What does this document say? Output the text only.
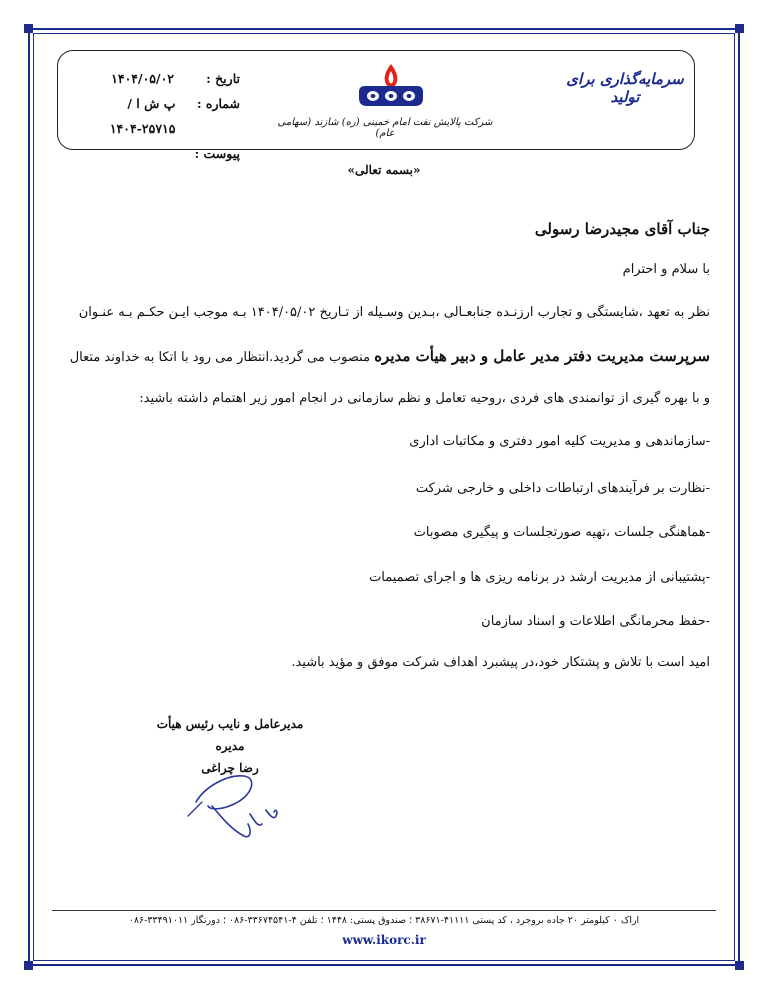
تاریخ :
۱۴۰۴/۰۵/۰۲
شماره :
پ ش ا / ۲۵۷۱۵-۱۴۰۴
پیوست :
شرکت پالایش نفت امام خمینی (ره) شازند (سهامی عام)
سرمایه‌گذاری برای تولید
«بسمه تعالی»
جناب آقای مجیدرضا رسولی
با سلام و احترام
نظر به تعهد ،شایستگی و تجارب ارزنـده جنابعـالی ،بـدین وسـیله از تـاریخ ۱۴۰۴/۰۵/۰۲ بـه موجب ایـن حکـم بـه عنـوان
سرپرست مدیریت دفتر مدیر عامل و دبیر هیأت مدیره منصوب می گردید.انتظار می رود با اتکا به خداوند متعال
و با بهره گیری از توانمندی های فردی ،روحیه تعامل و نظم سازمانی در انجام امور زیر اهتمام داشته باشید:
-سازماندهی و مدیریت کلیه امور دفتری و مکاتبات اداری
-نظارت بر فرآیندهای ارتباطات داخلی و خارجی شرکت
-هماهنگی جلسات ،تهیه صورتجلسات و پیگیری مصوبات
-پشتیبانی از مدیریت ارشد در برنامه ریزی ها و اجرای تصمیمات
-حفظ محرمانگی اطلاعات و اسناد سازمان
امید است با تلاش و پشتکار خود،در پیشبرد اهداف شرکت موفق و مؤید باشید.
مدیرعامل و نایب رئیس هیأت مدیره
رضا چراغی
اراک ۰ کیلومتر ۲۰ جاده بروجرد ، کد پستی ۴۱۱۱۱-۳۸۶۷۱ ؛ صندوق پستی: ۱۴۴۸ ؛ تلفن ۴-۳۳۶۷۴۵۴۱-۰۸۶ ؛ دورنگار ۳۳۴۹۱۰۱۱-۰۸۶
www.ikorc.ir
